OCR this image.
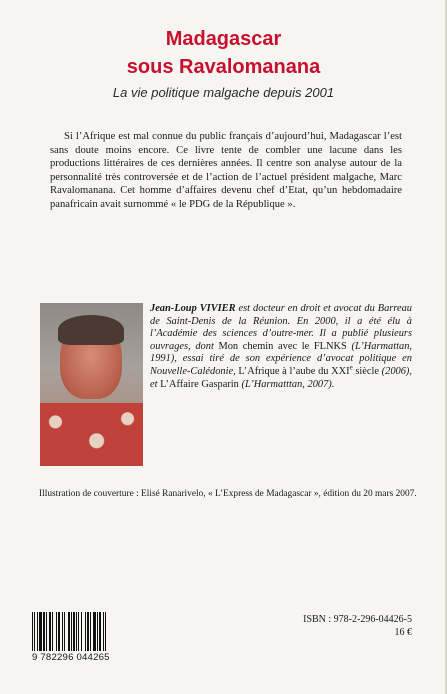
Madagascar
sous Ravalomanana
La vie politique malgache depuis 2001

Si l’Afrique est mal connue du public français d’aujourd’hui, Madagascar l’est sans doute moins encore. Ce livre tente de combler une lacune dans les productions littéraires de ces dernières années. Il centre son analyse autour de la personnalité très controversée et de l’action de l’actuel président malgache, Marc Ravalomanana. Cet homme d’affaires devenu chef d’Etat, qu’un hebdomadaire panafricain avait surnommé « le PDG de la République ».

Jean-Loup VIVIER est docteur en droit et avocat du Barreau de Saint-Denis de la Réunion. En 2000, il a été élu à l’Académie des sciences d’outre-mer. Il a publié plusieurs ouvrages, dont Mon chemin avec le FLNKS (L’Harmattan, 1991), essai tiré de son expérience d’avocat politique en Nouvelle-Calédonie, L’Afrique à l’aube du XXIe siècle (2006), et L’Affaire Gasparin (L’Harmatttan, 2007).

Illustration de couverture : Elisé Ranarivelo, « L’Express de Madagascar », édition du 20 mars 2007.

9 782296 044265
ISBN : 978-2-296-04426-5
16 €
